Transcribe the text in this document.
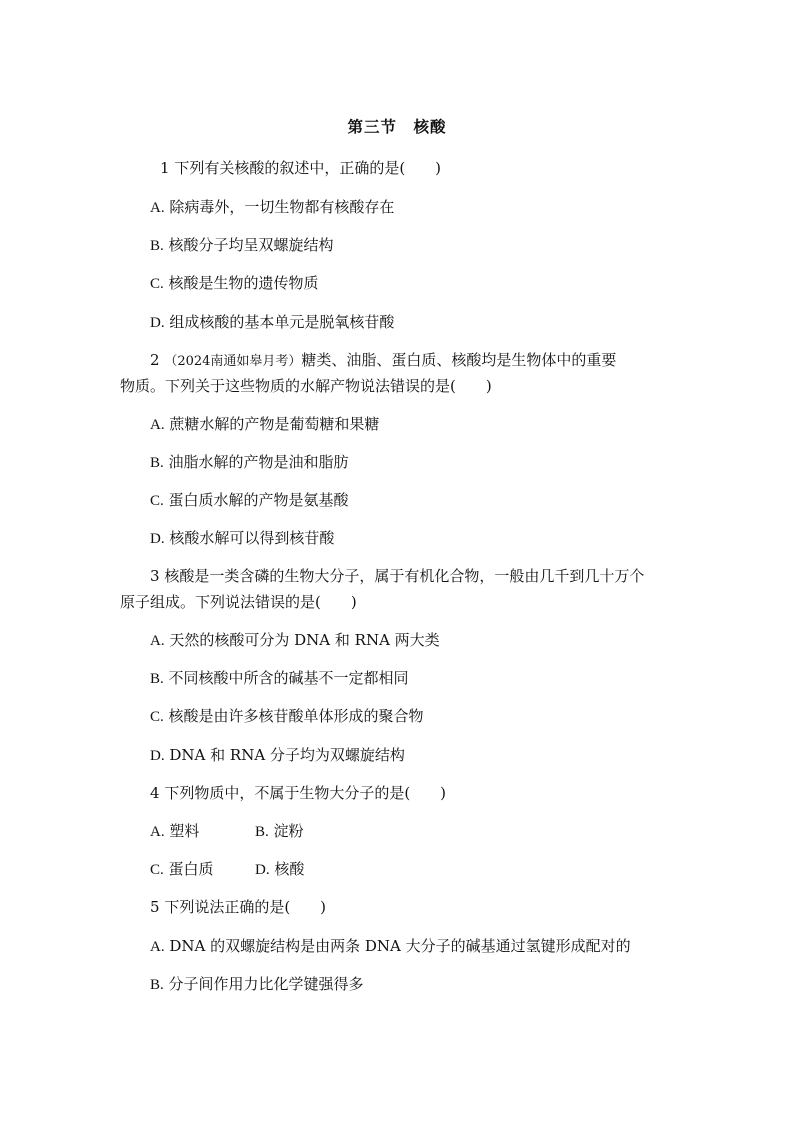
第三节　核酸
1 下列有关核酸的叙述中，正确的是(　　)
A. 除病毒外，一切生物都有核酸存在
B. 核酸分子均呈双螺旋结构
C. 核酸是生物的遗传物质
D. 组成核酸的基本单元是脱氧核苷酸
2 （2024南通如皋月考）糖类、油脂、蛋白质、核酸均是生物体中的重要
物质。下列关于这些物质的水解产物说法错误的是(　　)
A. 蔗糖水解的产物是葡萄糖和果糖
B. 油脂水解的产物是油和脂肪
C. 蛋白质水解的产物是氨基酸
D. 核酸水解可以得到核苷酸
3 核酸是一类含磷的生物大分子，属于有机化合物，一般由几千到几十万个
原子组成。下列说法错误的是(　　)
A. 天然的核酸可分为 DNA 和 RNA 两大类
B. 不同核酸中所含的碱基不一定都相同
C. 核酸是由许多核苷酸单体形成的聚合物
D. DNA 和 RNA 分子均为双螺旋结构
4 下列物质中，不属于生物大分子的是(　　)
A. 塑料	B. 淀粉
C. 蛋白质	D. 核酸
5 下列说法正确的是(　　)
A. DNA 的双螺旋结构是由两条 DNA 大分子的碱基通过氢键形成配对的
B. 分子间作用力比化学键强得多
